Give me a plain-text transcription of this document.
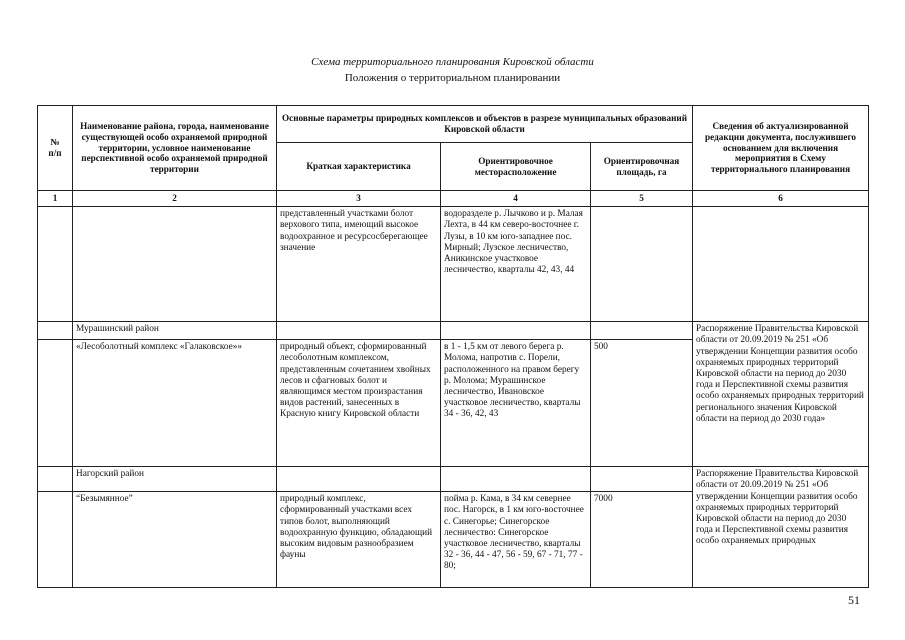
Схема территориального планирования Кировской области
Положения о территориальном планировании
№
п/п	Наименование района, города, наименование существующей особо охраняемой природной территории, условное наименование перспективной особо охраняемой природной территории	Основные параметры природных комплексов и объектов в разрезе муниципальных образований Кировской области			Сведения об актуализированной редакции документа, послужившего основанием для включения мероприятия в Схему территориального планирования
		Краткая характеристика	Ориентировочное месторасположение	Ориентировочная площадь, га	
1	2	3	4	5	6
		представленный участками болот верхового типа, имеющий высокое водоохранное и ресурсосберегающее значение	водоразделе р. Лычково и р. Малая Лехта, в 44 км северо-восточнее г. Лузы, в 10 км юго-западнее пос. Мирный; Лузское лесничество, Аникинское участковое лесничество, кварталы 42, 43, 44		
	Мурашинский район				Распоряжение Правительства Кировской области от 20.09.2019 № 251 «Об утверждении Концепции развития особо охраняемых природных территорий Кировской области на период до 2030 года и Перспективной схемы развития особо охраняемых природных территорий регионального значения Кировской области на период до 2030 года»
	«Лесоболотный комплекс «Галаковское»»	природный объект, сформированный лесоболотным комплексом, представленным сочетанием хвойных лесов и сфагновых болот и являющимся местом произрастания видов растений, занесенных в Красную книгу Кировской области	в 1 - 1,5 км от левого берега р. Молома, напротив с. Порели, расположенного на правом берегу р. Молома; Мурашинское лесничество, Ивановское участковое лесничество, кварталы 34 - 36, 42, 43	500	
	Нагорский район				Распоряжение Правительства Кировской области от 20.09.2019 № 251 «Об утверждении Концепции развития особо охраняемых природных территорий Кировской области на период до 2030 года и Перспективной схемы развития особо охраняемых природных
	“Безымянное”	природный комплекс, сформированный участками всех типов болот, выполняющий водоохранную функцию, обладающий высоким видовым разнообразием фауны	пойма р. Кама, в 34 км севернее пос. Нагорск, в 1 км юго-восточнее с. Синегорье; Синегорское лесничество: Синегорское участковое лесничество, кварталы 32 - 36, 44 - 47, 56 - 59, 67 - 71, 77 - 80;	7000	
51
